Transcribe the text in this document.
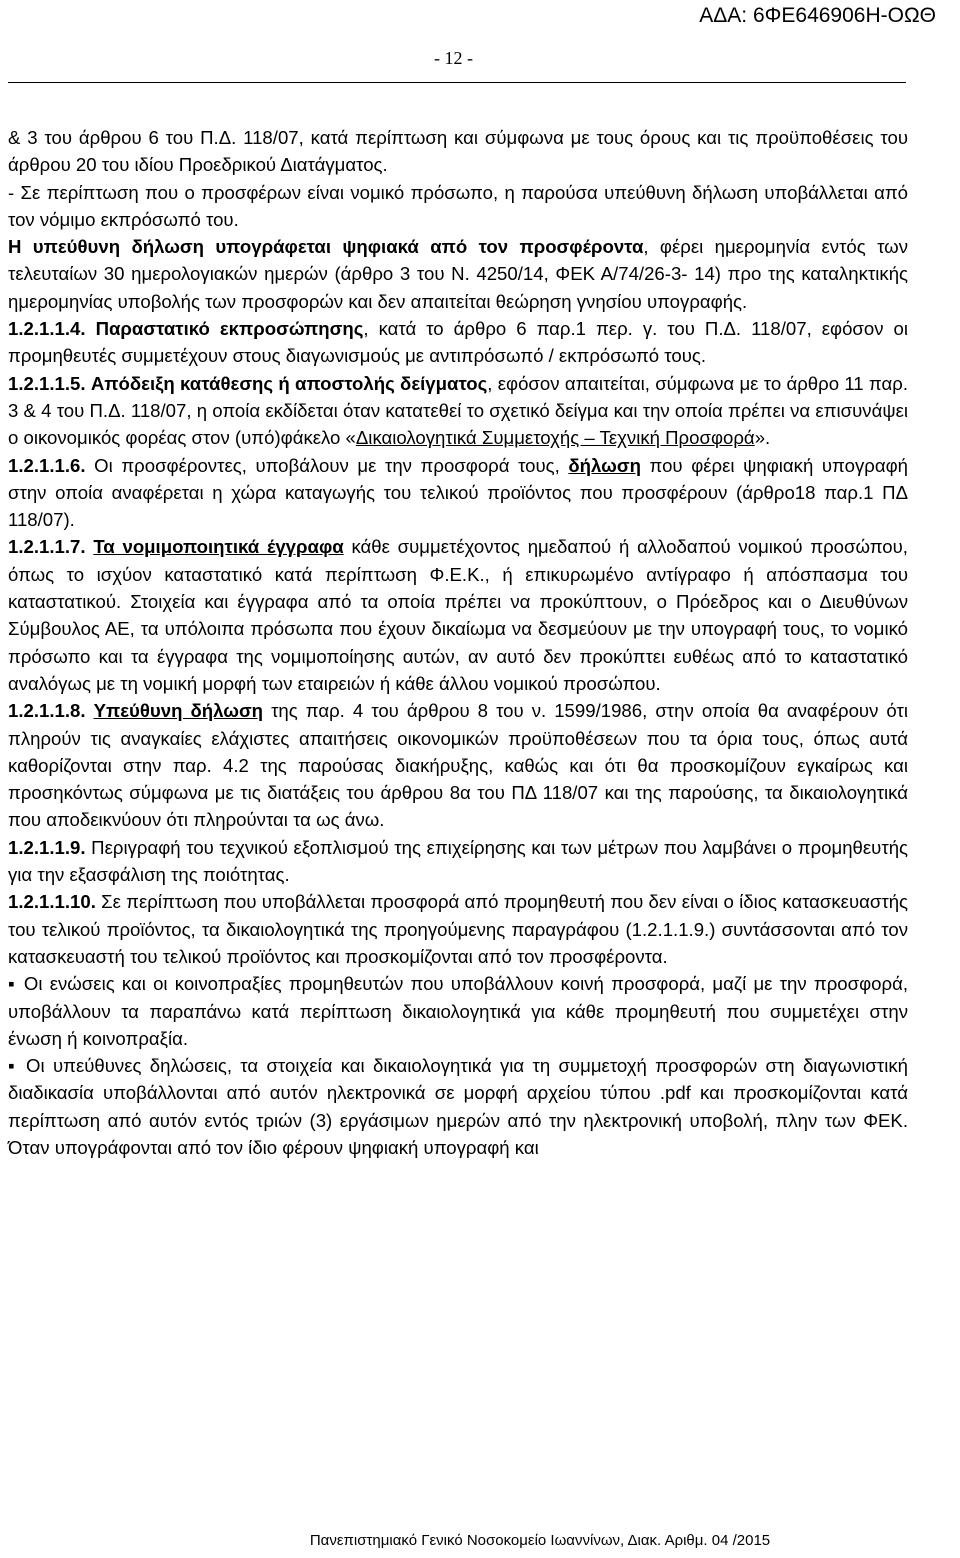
ΑΔΑ: 6ΦΕ646906Η-ΟΩΘ
- 12 -

& 3 του άρθρου 6 του Π.Δ. 118/07, κατά περίπτωση και σύμφωνα με τους όρους και τις προϋποθέσεις του άρθρου 20 του ιδίου Προεδρικού Διατάγματος.

- Σε περίπτωση που ο προσφέρων είναι νομικό πρόσωπο, η παρούσα υπεύθυνη δήλωση υποβάλλεται από τον νόμιμο εκπρόσωπό του.

Η υπεύθυνη δήλωση υπογράφεται ψηφιακά από τον προσφέροντα, φέρει ημερομηνία εντός των τελευταίων 30 ημερολογιακών ημερών (άρθρο 3 του Ν. 4250/14, ΦΕΚ Α/74/26-3- 14) προ της καταληκτικής ημερομηνίας υποβολής των προσφορών και δεν απαιτείται θεώρηση γνησίου υπογραφής.

1.2.1.1.4. Παραστατικό εκπροσώπησης, κατά το άρθρο 6 παρ.1 περ. γ. του Π.Δ. 118/07, εφόσον οι προμηθευτές συμμετέχουν στους διαγωνισμούς με αντιπρόσωπό / εκπρόσωπό τους.

1.2.1.1.5. Απόδειξη κατάθεσης ή αποστολής δείγματος, εφόσον απαιτείται, σύμφωνα με το άρθρο 11 παρ. 3 & 4 του Π.Δ. 118/07, η οποία εκδίδεται όταν κατατεθεί το σχετικό δείγμα και την οποία πρέπει να επισυνάψει ο οικονομικός φορέας στον (υπό)φάκελο «Δικαιολογητικά Συμμετοχής – Τεχνική Προσφορά».

1.2.1.1.6. Οι προσφέροντες, υποβάλουν με την προσφορά τους, δήλωση που φέρει ψηφιακή υπογραφή στην οποία αναφέρεται η χώρα καταγωγής του τελικού προϊόντος που προσφέρουν (άρθρο18 παρ.1 ΠΔ 118/07).

1.2.1.1.7. Τα νομιμοποιητικά έγγραφα κάθε συμμετέχοντος ημεδαπού ή αλλοδαπού νομικού προσώπου, όπως το ισχύον καταστατικό κατά περίπτωση Φ.Ε.Κ., ή επικυρωμένο αντίγραφο ή απόσπασμα του καταστατικού. Στοιχεία και έγγραφα από τα οποία πρέπει να προκύπτουν, ο Πρόεδρος και ο Διευθύνων Σύμβουλος ΑΕ, τα υπόλοιπα πρόσωπα που έχουν δικαίωμα να δεσμεύουν με την υπογραφή τους, το νομικό πρόσωπο και τα έγγραφα της νομιμοποίησης αυτών, αν αυτό δεν προκύπτει ευθέως από το καταστατικό αναλόγως με τη νομική μορφή των εταιρειών ή κάθε άλλου νομικού προσώπου.

1.2.1.1.8. Υπεύθυνη δήλωση της παρ. 4 του άρθρου 8 του ν. 1599/1986, στην οποία θα αναφέρουν ότι πληρούν τις αναγκαίες ελάχιστες απαιτήσεις οικονομικών προϋποθέσεων που τα όρια τους, όπως αυτά καθορίζονται στην παρ. 4.2 της παρούσας διακήρυξης, καθώς και ότι θα προσκομίζουν εγκαίρως και προσηκόντως σύμφωνα με τις διατάξεις του άρθρου 8α του ΠΔ 118/07 και της παρούσης, τα δικαιολογητικά που αποδεικνύουν ότι πληρούνται τα ως άνω.

1.2.1.1.9. Περιγραφή του τεχνικού εξοπλισμού της επιχείρησης και των μέτρων που λαμβάνει ο προμηθευτής για την εξασφάλιση της ποιότητας.

1.2.1.1.10. Σε περίπτωση που υποβάλλεται προσφορά από προμηθευτή που δεν είναι ο ίδιος κατασκευαστής του τελικού προϊόντος, τα δικαιολογητικά της προηγούμενης παραγράφου (1.2.1.1.9.) συντάσσονται από τον κατασκευαστή του τελικού προϊόντος και προσκομίζονται από τον προσφέροντα.

▪ Οι ενώσεις και οι κοινοπραξίες προμηθευτών που υποβάλλουν κοινή προσφορά, μαζί με την προσφορά, υποβάλλουν τα παραπάνω κατά περίπτωση δικαιολογητικά για κάθε προμηθευτή που συμμετέχει στην ένωση ή κοινοπραξία.

▪ Οι υπεύθυνες δηλώσεις, τα στοιχεία και δικαιολογητικά για τη συμμετοχή προσφορών στη διαγωνιστική διαδικασία υποβάλλονται από αυτόν ηλεκτρονικά σε μορφή αρχείου τύπου .pdf και προσκομίζονται κατά περίπτωση από αυτόν εντός τριών (3) εργάσιμων ημερών από την ηλεκτρονική υποβολή, πλην των ΦΕΚ. Όταν υπογράφονται από τον ίδιο φέρουν ψηφιακή υπογραφή και

Πανεπιστημιακό Γενικό Νοσοκομείο Ιωαννίνων, Διακ. Αριθμ. 04 /2015
